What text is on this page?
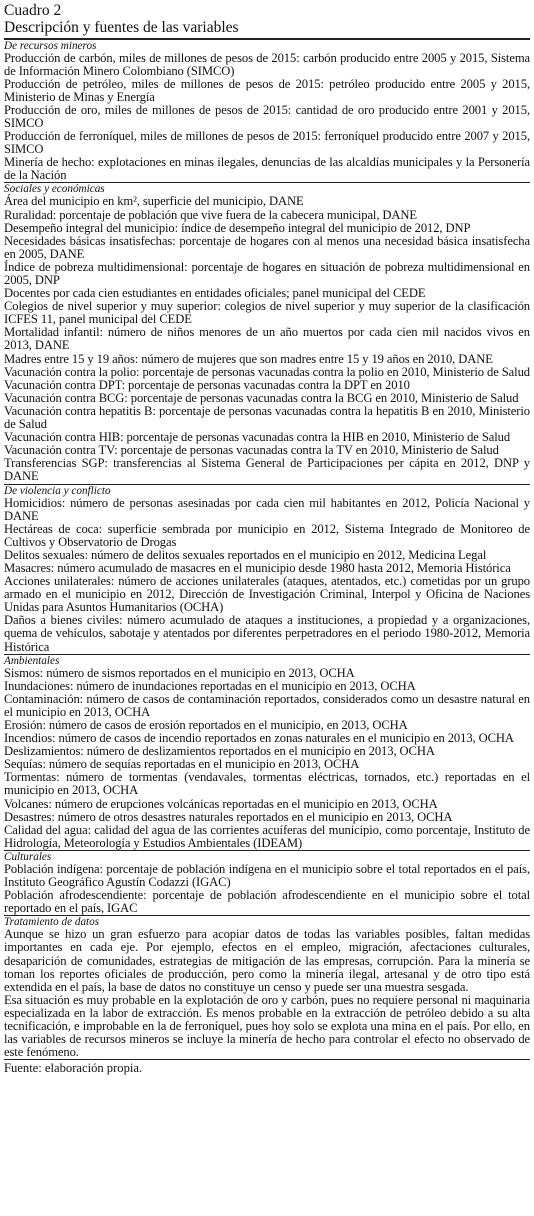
Cuadro 2
Descripción y fuentes de las variables
De recursos mineros
Producción de carbón, miles de millones de pesos de 2015: carbón producido entre 2005 y 2015, Sistema de Información Minero Colombiano (SIMCO)
Producción de petróleo, miles de millones de pesos de 2015: petróleo producido entre 2005 y 2015, Ministerio de Minas y Energía
Producción de oro, miles de millones de pesos de 2015: cantidad de oro producido entre 2001 y 2015, SIMCO
Producción de ferroníquel, miles de millones de pesos de 2015: ferroníquel producido entre 2007 y 2015, SIMCO
Minería de hecho: explotaciones en minas ilegales, denuncias de las alcaldías municipales y la Personería de la Nación
Sociales y económicas
Área del municipio en km², superficie del municipio, DANE
Ruralidad: porcentaje de población que vive fuera de la cabecera municipal, DANE
Desempeño integral del municipio: índice de desempeño integral del municipio de 2012, DNP
Necesidades básicas insatisfechas: porcentaje de hogares con al menos una necesidad básica insatisfecha en 2005, DANE
Índice de pobreza multidimensional: porcentaje de hogares en situación de pobreza multidimensional en 2005, DNP
Docentes por cada cien estudiantes en entidades oficiales; panel municipal del CEDE
Colegios de nivel superior y muy superior: colegios de nivel superior y muy superior de la clasificación ICFES 11, panel municipal del CEDE
Mortalidad infantil: número de niños menores de un año muertos por cada cien mil nacidos vivos en 2013, DANE
Madres entre 15 y 19 años: número de mujeres que son madres entre 15 y 19 años en 2010, DANE
Vacunación contra la polio: porcentaje de personas vacunadas contra la polio en 2010, Ministerio de Salud
Vacunación contra DPT: porcentaje de personas vacunadas contra la DPT en 2010
Vacunación contra BCG: porcentaje de personas vacunadas contra la BCG en 2010, Ministerio de Salud
Vacunación contra hepatitis B: porcentaje de personas vacunadas contra la hepatitis B en 2010, Ministerio de Salud
Vacunación contra HIB: porcentaje de personas vacunadas contra la HIB en 2010, Ministerio de Salud
Vacunación contra TV: porcentaje de personas vacunadas contra la TV en 2010, Ministerio de Salud
Transferencias SGP: transferencias al Sistema General de Participaciones per cápita en 2012, DNP y DANE
De violencia y conflicto
Homicidios: número de personas asesinadas por cada cien mil habitantes en 2012, Policía Nacional y DANE
Hectáreas de coca: superficie sembrada por municipio en 2012, Sistema Integrado de Monitoreo de Cultivos y Observatorio de Drogas
Delitos sexuales: número de delitos sexuales reportados en el municipio en 2012, Medicina Legal
Masacres: número acumulado de masacres en el municipio desde 1980 hasta 2012, Memoria Histórica
Acciones unilaterales: número de acciones unilaterales (ataques, atentados, etc.) cometidas por un grupo armado en el municipio en 2012, Dirección de Investigación Criminal, Interpol y Oficina de Naciones Unidas para Asuntos Humanitarios (OCHA)
Daños a bienes civiles: número acumulado de ataques a instituciones, a propiedad y a organizaciones, quema de vehículos, sabotaje y atentados por diferentes perpetradores en el periodo 1980-2012, Memoria Histórica
Ambientales
Sismos: número de sismos reportados en el municipio en 2013, OCHA
Inundaciones: número de inundaciones reportadas en el municipio en 2013, OCHA
Contaminación: número de casos de contaminación reportados, considerados como un desastre natural en el municipio en 2013, OCHA
Erosión: número de casos de erosión reportados en el municipio, en 2013, OCHA
Incendios: número de casos de incendio reportados en zonas naturales en el municipio en 2013, OCHA
Deslizamientos: número de deslizamientos reportados en el municipio en 2013, OCHA
Sequías: número de sequías reportadas en el municipio en 2013, OCHA
Tormentas: número de tormentas (vendavales, tormentas eléctricas, tornados, etc.) reportadas en el municipio en 2013, OCHA
Volcanes: número de erupciones volcánicas reportadas en el municipio en 2013, OCHA
Desastres: número de otros desastres naturales reportados en el municipio en 2013, OCHA
Calidad del agua: calidad del agua de las corrientes acuíferas del municipio, como porcentaje, Instituto de Hidrología, Meteorología y Estudios Ambientales (IDEAM)
Culturales
Población indígena: porcentaje de población indígena en el municipio sobre el total reportados en el país, Instituto Geográfico Agustín Codazzi (IGAC)
Población afrodescendiente: porcentaje de población afrodescendiente en el municipio sobre el total reportado en el país, IGAC
Tratamiento de datos
Aunque se hizo un gran esfuerzo para acopiar datos de todas las variables posibles, faltan medidas importantes en cada eje. Por ejemplo, efectos en el empleo, migración, afectaciones culturales, desaparición de comunidades, estrategias de mitigación de las empresas, corrupción. Para la minería se toman los reportes oficiales de producción, pero como la minería ilegal, artesanal y de otro tipo está extendida en el país, la base de datos no constituye un censo y puede ser una muestra sesgada.
Esa situación es muy probable en la explotación de oro y carbón, pues no requiere personal ni maquinaria especializada en la labor de extracción. Es menos probable en la extracción de petróleo debido a su alta tecnificación, e improbable en la de ferroníquel, pues hoy solo se explota una mina en el país. Por ello, en las variables de recursos mineros se incluye la minería de hecho para controlar el efecto no observado de este fenómeno.
Fuente: elaboración propia.
